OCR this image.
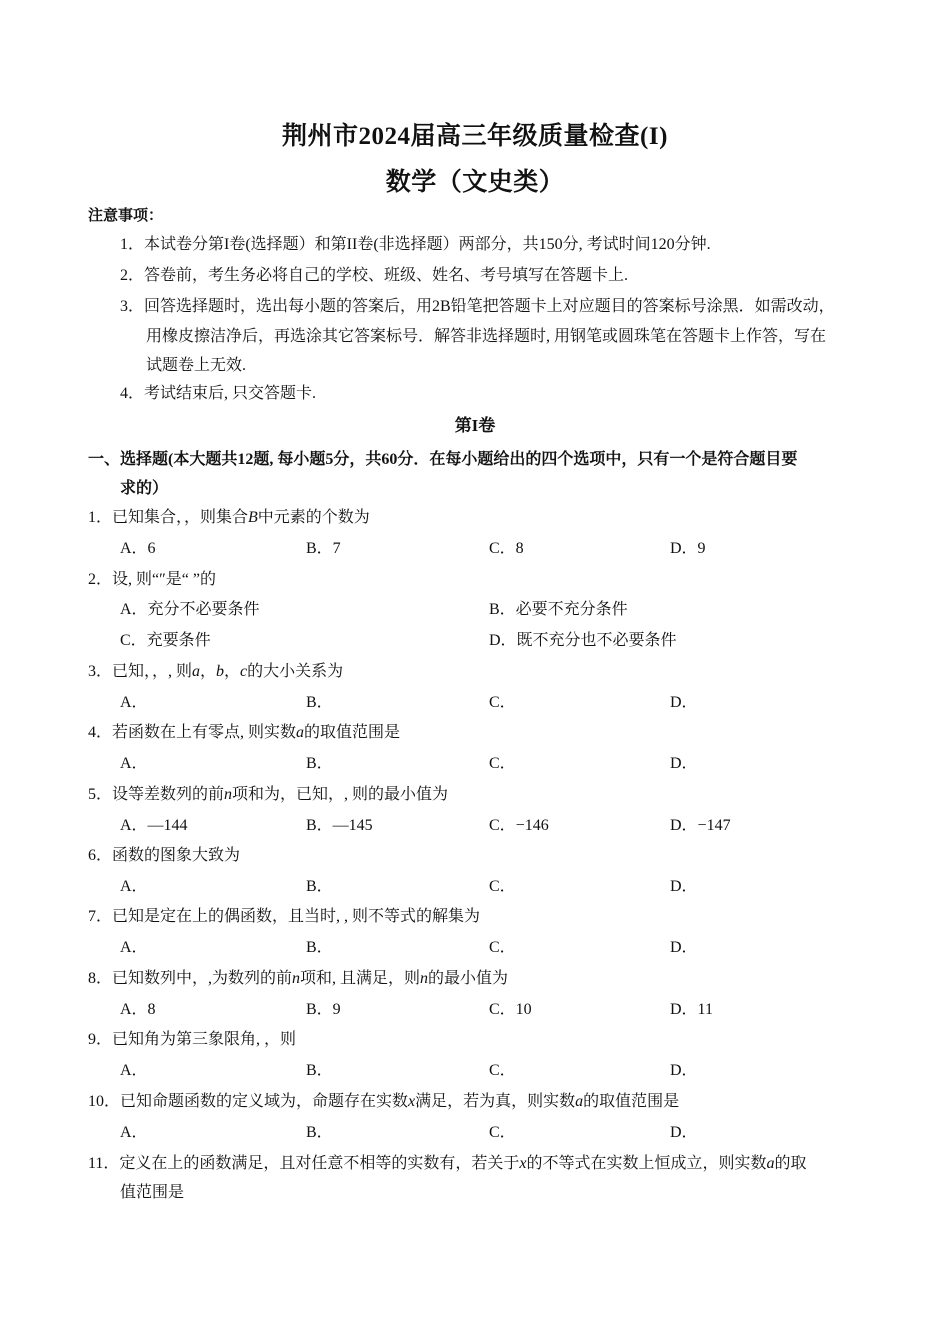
荆州市2024届高三年级质量检查(I)
数学（文史类）
注意事项：
1．本试卷分第I卷(选择题）和第II卷(非选择题）两部分，共150分, 考试时间120分钟.
2．答卷前，考生务必将自己的学校、班级、姓名、考号填写在答题卡上.
3．回答选择题时，选出每小题的答案后，用2B铅笔把答题卡上对应题目的答案标号涂黑．如需改动，
用橡皮擦洁净后，再选涂其它答案标号．解答非选择题时, 用钢笔或圆珠笔在答题卡上作答，写在
试题卷上无效.
4．考试结束后, 只交答题卡.
第I卷
一、选择题(本大题共12题, 每小题5分，共60分．在每小题给出的四个选项中，只有一个是符合题目要
求的）
1．已知集合，，则集合B中元素的个数为
A．6	B．7	C．8	D．9
2．设, 则“″是“ ”的
A．充分不必要条件	B．必要不充分条件
C．充要条件	D．既不充分也不必要条件
3．已知，，, 则a，b，c的大小关系为
A．	B．	C．	D．
4．若函数在上有零点, 则实数a的取值范围是
A．	B．	C．	D．
5．设等差数列的前n项和为，已知，, 则的最小值为
A．—144	B．—145	C．−146	D．−147
6．函数的图象大致为
A．	B．	C．	D．
7．已知是定在上的偶函数，且当时, , 则不等式的解集为
A．	B．	C．	D．
8．已知数列中，,为数列的前n项和, 且满足，则n的最小值为
A．8	B．9	C．10	D．11
9．已知角为第三象限角, ，则
A．	B．	C．	D．
10．已知命题函数的定义域为，命题存在实数x满足，若为真，则实数a的取值范围是
A．	B．	C．	D．
11．定义在上的函数满足，且对任意不相等的实数有，若关于x的不等式在实数上恒成立，则实数a的取
值范围是
